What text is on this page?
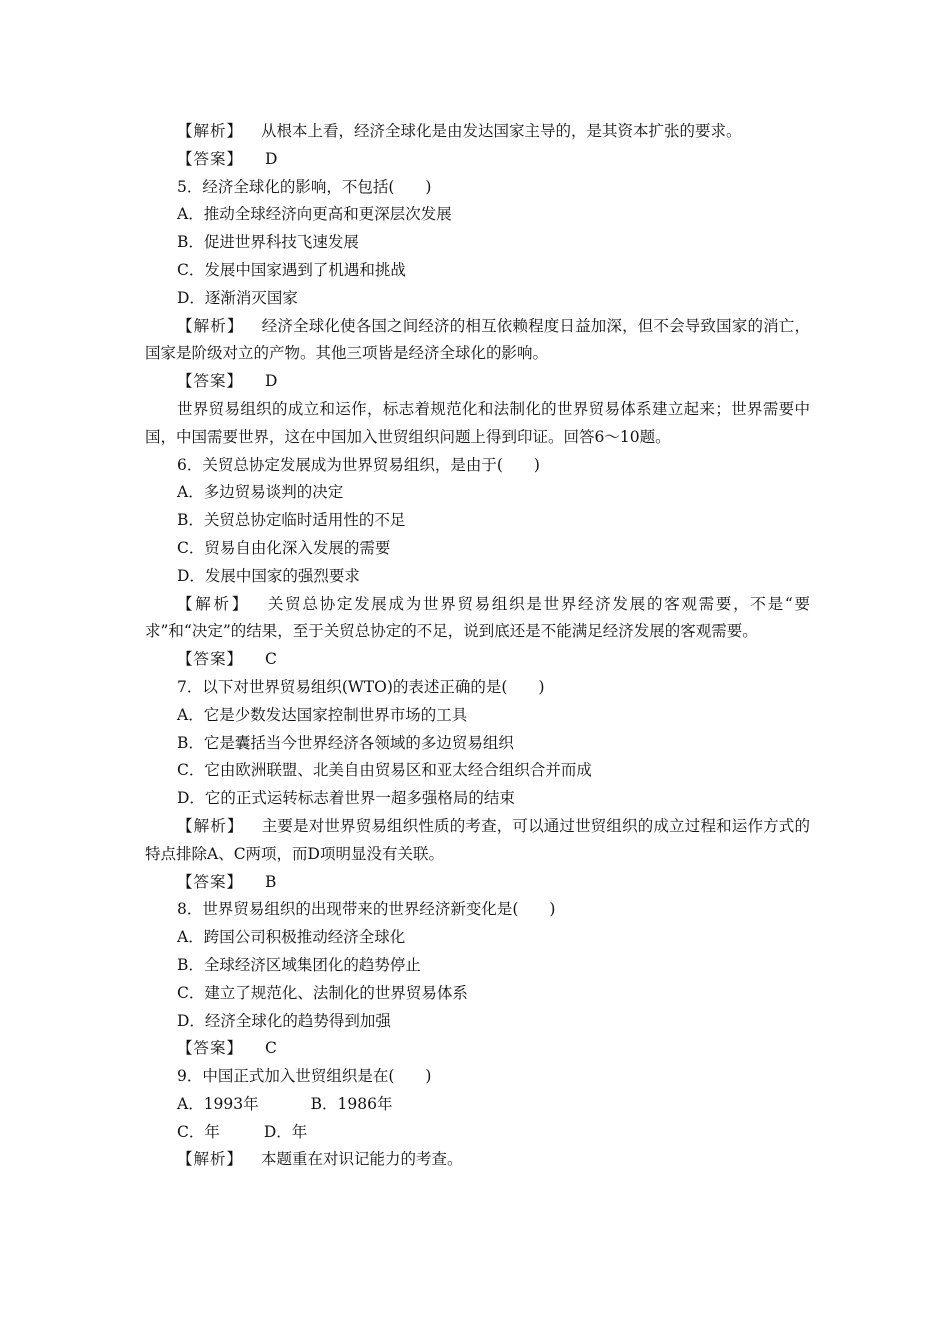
【解析】 从根本上看，经济全球化是由发达国家主导的，是其资本扩张的要求。

【答案】 D

5．经济全球化的影响，不包括(　　)

A．推动全球经济向更高和更深层次发展

B．促进世界科技飞速发展

C．发展中国家遇到了机遇和挑战

D．逐渐消灭国家

【解析】 经济全球化使各国之间经济的相互依赖程度日益加深，但不会导致国家的消亡，国家是阶级对立的产物。其他三项皆是经济全球化的影响。

【答案】 D

世界贸易组织的成立和运作，标志着规范化和法制化的世界贸易体系建立起来；世界需要中国，中国需要世界，这在中国加入世贸组织问题上得到印证。回答6～10题。

6．关贸总协定发展成为世界贸易组织，是由于(　　)

A．多边贸易谈判的决定

B．关贸总协定临时适用性的不足

C．贸易自由化深入发展的需要

D．发展中国家的强烈要求

【解析】 关贸总协定发展成为世界贸易组织是世界经济发展的客观需要，不是“要求”和“决定”的结果，至于关贸总协定的不足，说到底还是不能满足经济发展的客观需要。

【答案】 C

7．以下对世界贸易组织(WTO)的表述正确的是(　　)

A．它是少数发达国家控制世界市场的工具

B．它是囊括当今世界经济各领域的多边贸易组织

C．它由欧洲联盟、北美自由贸易区和亚太经合组织合并而成

D．它的正式运转标志着世界一超多强格局的结束

【解析】 主要是对世界贸易组织性质的考查，可以通过世贸组织的成立过程和运作方式的特点排除A、C两项，而D项明显没有关联。

【答案】 B

8．世界贸易组织的出现带来的世界经济新变化是(　　)

A．跨国公司积极推动经济全球化

B．全球经济区域集团化的趋势停止

C．建立了规范化、法制化的世界贸易体系

D．经济全球化的趋势得到加强

【答案】 C

9．中国正式加入世贸组织是在(　　)

A．1993年	B．1986年

C．年	D．年

【解析】 本题重在对识记能力的考查。
